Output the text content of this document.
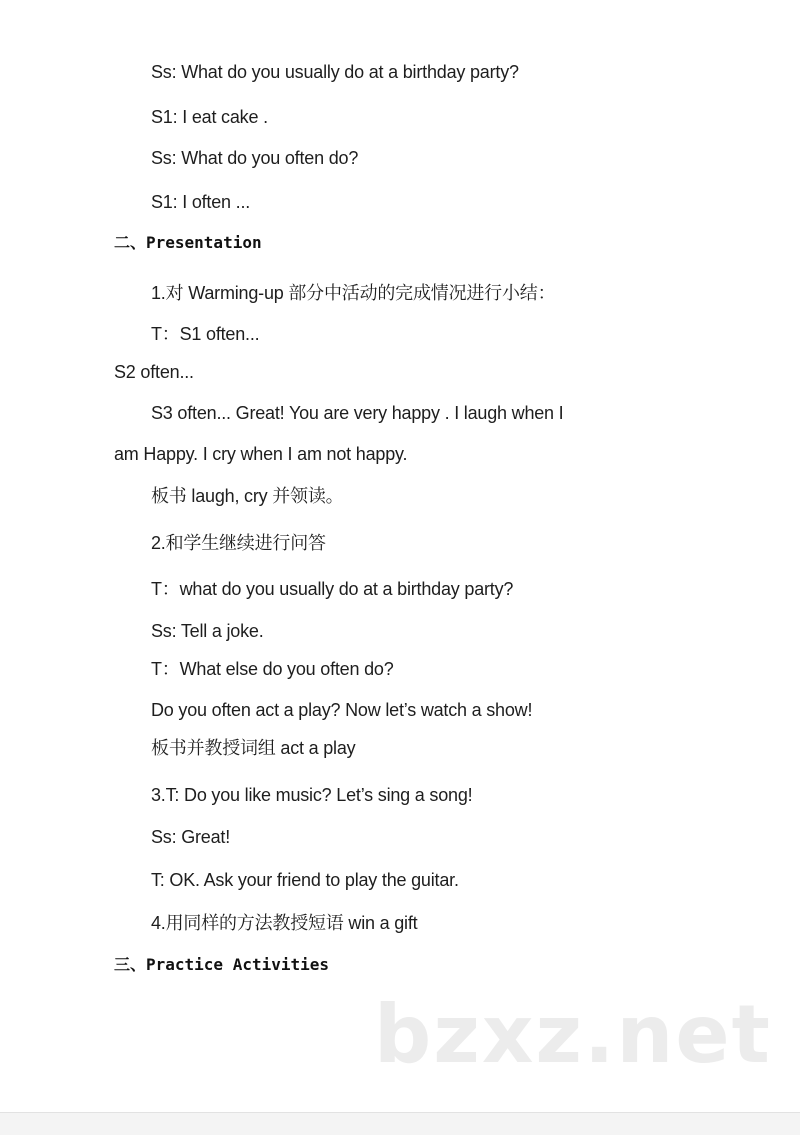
Ss: What do you usually do at a birthday party?
S1: I eat cake .
Ss: What do you often do?
S1: I often ...
二、Presentation
1.对 Warming-up 部分中活动的完成情况进行小结：
T：S1 often...
S2 often...
S3 often... Great! You are very happy . I laugh when I
am Happy. I cry when I am not happy.
板书 laugh, cry 并领读。
2.和学生继续进行问答
T：what do you usually do at a birthday party?
Ss: Tell a joke.
T：What else do you often do?
Do you often act a play? Now let’s watch a show!
板书并教授词组 act a play
3.T: Do you like music? Let’s sing a song!
Ss: Great!
T: OK. Ask your friend to play the guitar.
4.用同样的方法教授短语 win a gift
三、Practice Activities
bzxz.net
